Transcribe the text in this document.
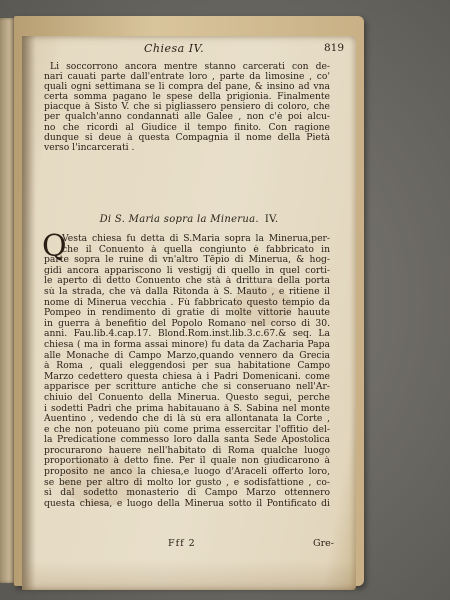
Chiesa IV.	819
Li soccorrono ancora mentre stanno carcerati con de-
nari cauati parte dall'entrate loro , parte da limosine , co'
quali ogni settimana se li compra del pane, & insino ad vna
certa somma pagano le spese della prigionia. Finalmente
piacque à Sisto V. che si pigliassero pensiero di coloro, che
per qualch'anno condannati alle Galee , non c'è poi alcu-
no che ricordi al Giudice il tempo finito. Con ragione
dunque si deue à questa Compagnia il nome della Pietà
verso l'incarcerati .
Di S. Maria sopra la Minerua. IV.
Q
Vesta chiesa fu detta di S.Maria sopra la Minerua,per-
che il Conuento à quella congiunto è fabbricato in
parte sopra le ruine di vn'altro Tēpio di Minerua, & hog-
gidì ancora appariscono li vestigij di quello in quel corti-
le aperto di detto Conuento che stà à drittura della porta
sù la strada, che và dalla Ritonda à S. Mauto , e ritiene il
nome di Minerua vecchia . Fù fabbricato questo tempio da
Pompeo in rendimento di gratie di molte vittorie hauute
in guerra à benefitio del Popolo Romano nel corso di 30.
anni. Fau.lib.4.cap.17. Blond.Rom.inst.lib.3.c.67.& seq. La
chiesa ( ma in forma assai minore) fu data da Zacharia Papa
alle Monache di Campo Marzo,quando vennero da Grecia
à Roma , quali eleggendosi per sua habitatione Campo
Marzo cedettero questa chiesa à i Padri Domenicani. come
apparisce per scritture antiche che si conseruano nell'Ar-
chiuio del Conuento della Minerua. Questo seguì, perche
i sodetti Padri che prima habitauano à S. Sabina nel monte
Auentino , vedendo che di là sù era allontanata la Corte ,
e che non poteuano più come prima essercitar l'offitio del-
la Predicatione commesso loro dalla santa Sede Apostolica
procurarono hauere nell'habitato di Roma qualche luogo
proportionato à detto fine. Per il quale non giudicarono à
proposito ne anco la chiesa,e luogo d'Araceli offerto loro,
se bene per altro di molto lor gusto , e sodisfattione , co-
sì dal sodetto monasterio di Campo Marzo ottennero
questa chiesa, e luogo della Minerua sotto il Pontificato di
Fff 2	Gre-
